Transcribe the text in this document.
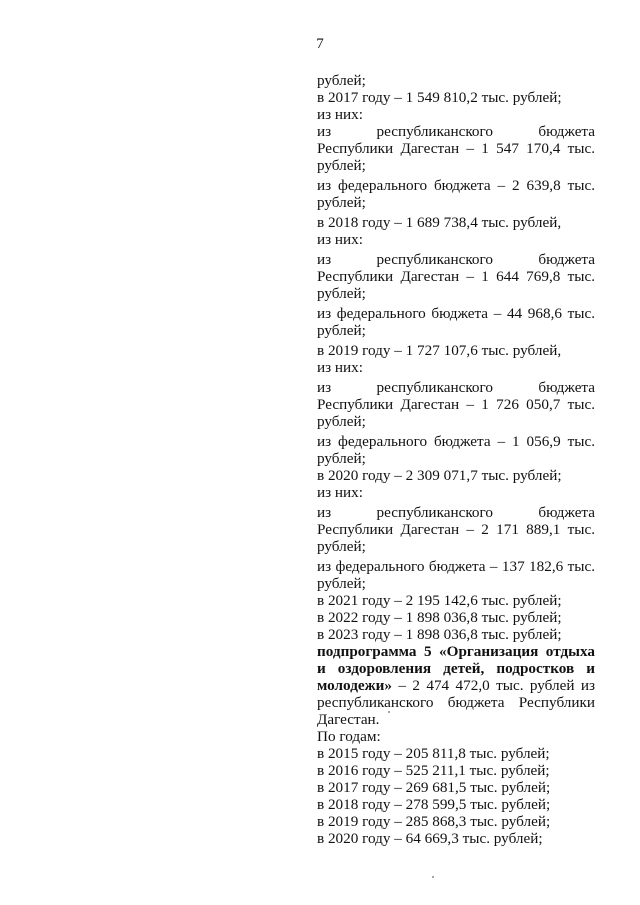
7

рублей;

в 2017 году – 1 549 810,2 тыс. рублей;

из них:

из республиканского бюджета

Республики Дагестан – 1 547 170,4 тыс.

рублей;

из федерального бюджета – 2 639,8 тыс.

рублей;

в 2018 году – 1 689 738,4 тыс. рублей,

из них:

из республиканского бюджета

Республики Дагестан – 1 644 769,8 тыс.

рублей;

из федерального бюджета – 44 968,6 тыс.

рублей;

в 2019 году – 1 727 107,6 тыс. рублей,

из них:

из республиканского бюджета

Республики Дагестан – 1 726 050,7 тыс.

рублей;

из федерального бюджета – 1 056,9 тыс.

рублей;

в 2020 году – 2 309 071,7 тыс. рублей;

из них:

из республиканского бюджета

Республики Дагестан – 2 171 889,1 тыс.

рублей;

из федерального бюджета – 137 182,6 тыс.

рублей;

в 2021 году – 2 195 142,6 тыс. рублей;

в 2022 году – 1 898 036,8 тыс. рублей;

в 2023 году – 1 898 036,8 тыс. рублей;

подпрограмма 5 «Организация отдыха

и оздоровления детей, подростков и

молодежи» – 2 474 472,0 тыс. рублей из

республиканского бюджета Республики

Дагестан.

По годам:

в 2015 году – 205 811,8 тыс. рублей;

в 2016 году – 525 211,1 тыс. рублей;

в 2017 году – 269 681,5 тыс. рублей;

в 2018 году – 278 599,5 тыс. рублей;

в 2019 году – 285 868,3 тыс. рублей;

в 2020 году – 64 669,3 тыс. рублей;
